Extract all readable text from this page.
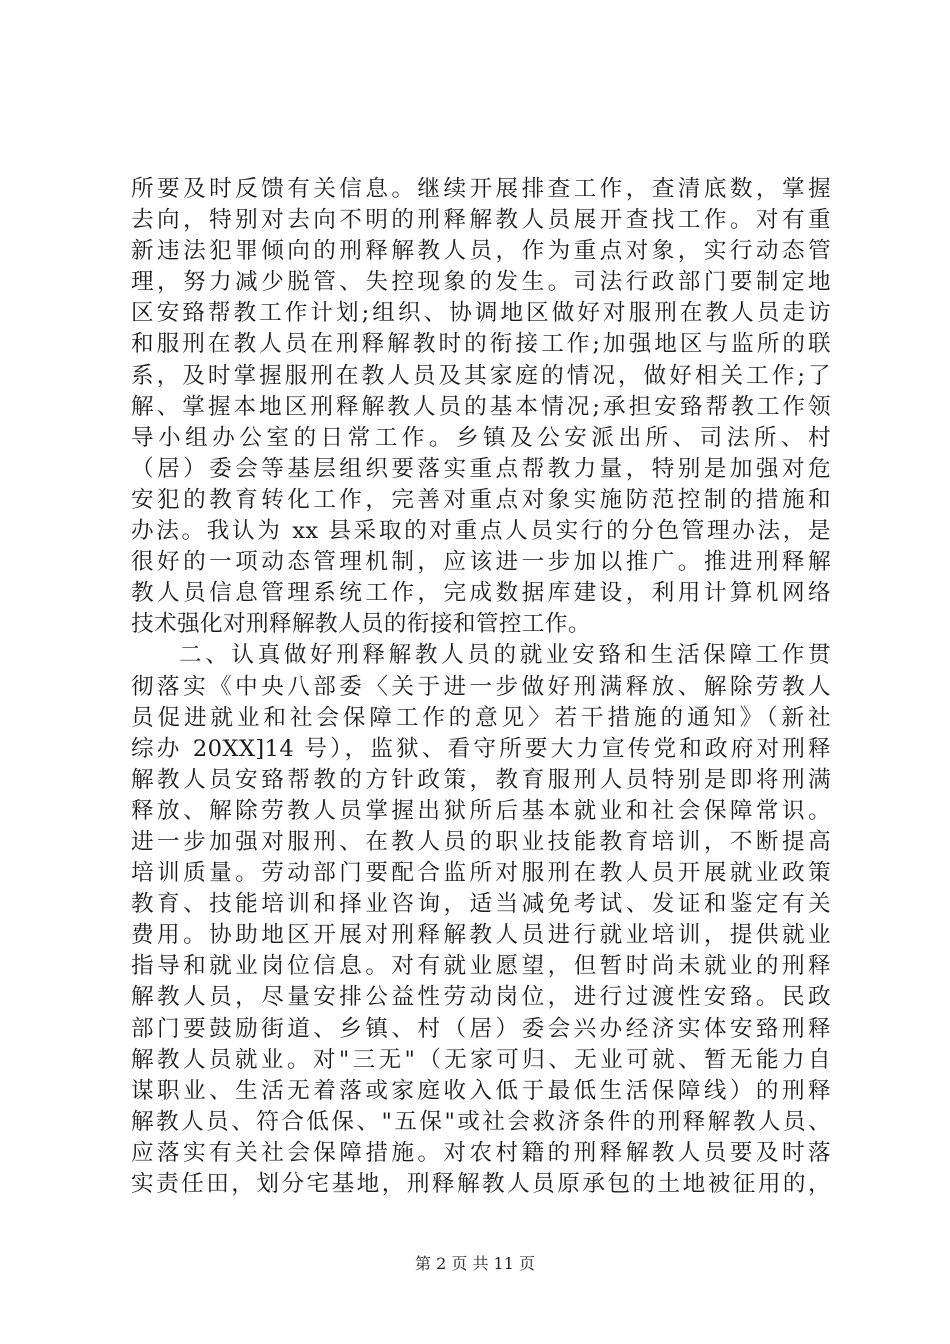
所要及时反馈有关信息。继续开展排查工作，查清底数，掌握
去向，特别对去向不明的刑释解教人员展开查找工作。对有重
新违法犯罪倾向的刑释解教人员，作为重点对象，实行动态管
理，努力减少脱管、失控现象的发生。司法行政部门要制定地
区安臵帮教工作计划;组织、协调地区做好对服刑在教人员走访
和服刑在教人员在刑释解教时的衔接工作;加强地区与监所的联
系，及时掌握服刑在教人员及其家庭的情况，做好相关工作;了
解、掌握本地区刑释解教人员的基本情况;承担安臵帮教工作领
导小组办公室的日常工作。乡镇及公安派出所、司法所、村
（居）委会等基层组织要落实重点帮教力量，特别是加强对危
安犯的教育转化工作，完善对重点对象实施防范控制的措施和
办法。我认为 xx 县采取的对重点人员实行的分色管理办法，是
很好的一项动态管理机制，应该进一步加以推广。推进刑释解
教人员信息管理系统工作，完成数据库建设，利用计算机网络
技术强化对刑释解教人员的衔接和管控工作。
二、认真做好刑释解教人员的就业安臵和生活保障工作贯
彻落实《中央八部委〈关于进一步做好刑满释放、解除劳教人
员促进就业和社会保障工作的意见〉若干措施的通知》（新社
综办 20XX]14 号），监狱、看守所要大力宣传党和政府对刑释
解教人员安臵帮教的方针政策，教育服刑人员特别是即将刑满
释放、解除劳教人员掌握出狱所后基本就业和社会保障常识。
进一步加强对服刑、在教人员的职业技能教育培训，不断提高
培训质量。劳动部门要配合监所对服刑在教人员开展就业政策
教育、技能培训和择业咨询，适当减免考试、发证和鉴定有关
费用。协助地区开展对刑释解教人员进行就业培训，提供就业
指导和就业岗位信息。对有就业愿望，但暂时尚未就业的刑释
解教人员，尽量安排公益性劳动岗位，进行过渡性安臵。民政
部门要鼓励街道、乡镇、村（居）委会兴办经济实体安臵刑释
解教人员就业。对"三无"（无家可归、无业可就、暂无能力自
谋职业、生活无着落或家庭收入低于最低生活保障线）的刑释
解教人员、符合低保、"五保"或社会救济条件的刑释解教人员、
应落实有关社会保障措施。对农村籍的刑释解教人员要及时落
实责任田，划分宅基地，刑释解教人员原承包的土地被征用的，
第 2 页 共 11 页
